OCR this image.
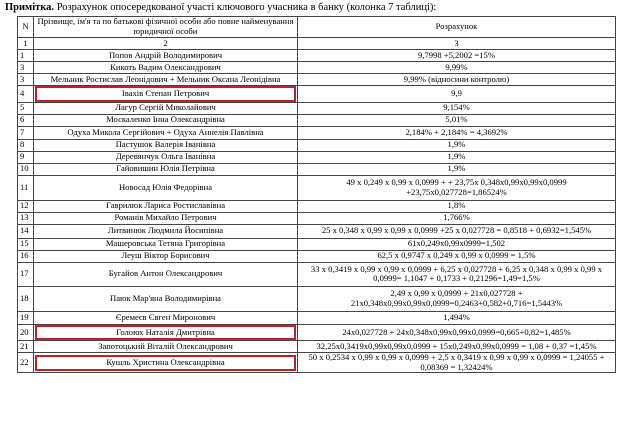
Примітка. Розрахунок опосередкованої участі ключового учасника в банку (колонка 7 таблиці):
N	Прізвище, ім'я та по батькові фізичної особи або повне найменування юридичної особи	Розрахунок
1	2	3
1	Попов Андрій Володимирович	9,7998 +5,2002 =15%
3	Кикоть Вадим Олександрович	9,99%
3	Мельник Ростислав Леонідович + Мельник Оксана Леонідівна	9,99% (відносини контролю)
4	Івахів Степан Петрович	9,9
5	Лагур Сергій Миколайович	9,154%
6	Москаленко Інна Олександрівна	5,01%
7	Одуха Микола Сергійович + Одуха Аннелія Павлівна	2,184% + 2,184% = 4,3692%
8	Пастушок Валерія Іванівна	1,9%
9	Деревянчук Ольга Іванівна	1,9%
10	Гайовишин Юлія Петрівна	1,9%
11	Новосад Юлія Федорівна	49 х 0,249 х 0,99 х 0,0999 + + 23,75х 0,348х0,99х0,99х0,0999 +23,75х0,027728=1,86524%
12	Гаврилюк Лариса Ростиславівна	1,8%
13	Романів Михайло Петрович	1,766%
14	Литвинюк Людмила Йосипівна	25 х 0,348 х 0,99 х 0,99 х 0,0999 +25 х 0,027728 = 0,8518 + 0,6932=1,545%
15	Машеровська Тетяна Григорівна	61х0,249х0,99х0999=1,502
16	Леуш Віктор Борисович	62,5 х 0,9747 х 0,249 х 0,99 х 0,0999 = 1,5%
17	Бугайов Антон Олександрович	33 х 0,3419 х 0,99 х 0,99 х 0,0999 + 6,25 х 0,027728 + 6,25 х 0,348 х 0,99 х 0,99 х 0,0999= 1,1047 + 0,1733 + 0,21296=1,49=1,5%
18	Паюк Мар'яна Володимирівна	2,49 х 0,99 х 0,0999 + 21х0,027728 + 21х0,348х0,99х0,99х0,0999=0,2463+0,582+0,716=1,5443%
19	Єремеєв Євген Миронович	1,494%
20	Голоюх Наталія Дмитрівна	24х0,027728 + 24х0,348х0,99х0,99х0,0999=0,665+0,82=1,485%
21	Запотоцький Віталій Олександрович	32,25х0,3419х0,99х0,99х0,0999 + 15х0,249х0,99х0,0999 = 1,08 + 0,37 =1,45%
22	Кушль Христина Олександрівна	50 х 0,2534 х 0,99 х 0,99 х 0,0999 + 2,5 х 0,3419 х 0,99 х 0,99 х 0,0999 = 1,24055 + 0,08369 = 1,32424%
